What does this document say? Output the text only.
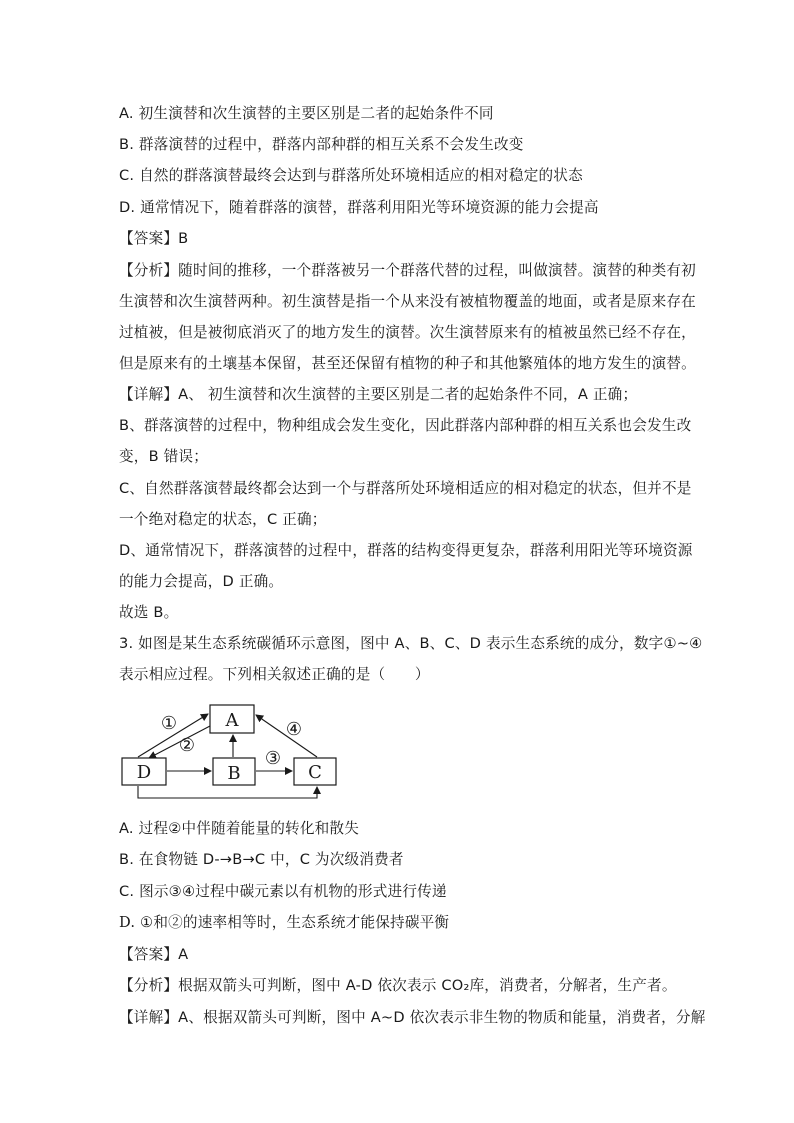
A. 初生演替和次生演替的主要区别是二者的起始条件不同
B. 群落演替的过程中，群落内部种群的相互关系不会发生改变
C. 自然的群落演替最终会达到与群落所处环境相适应的相对稳定的状态
D. 通常情况下，随着群落的演替，群落利用阳光等环境资源的能力会提高
【答案】B
【分析】随时间的推移，一个群落被另一个群落代替的过程，叫做演替。演替的种类有初
生演替和次生演替两种。初生演替是指一个从来没有被植物覆盖的地面，或者是原来存在
过植被，但是被彻底消灭了的地方发生的演替。次生演替原来有的植被虽然已经不存在，
但是原来有的土壤基本保留，甚至还保留有植物的种子和其他繁殖体的地方发生的演替。
【详解】A、 初生演替和次生演替的主要区别是二者的起始条件不同，A 正确；
B、群落演替的过程中，物种组成会发生变化，因此群落内部种群的相互关系也会发生改
变，B 错误；
C、自然群落演替最终都会达到一个与群落所处环境相适应的相对稳定的状态，但并不是
一个绝对稳定的状态，C 正确；
D、通常情况下，群落演替的过程中，群落的结构变得更复杂，群落利用阳光等环境资源
的能力会提高，D 正确。
故选 B。
3. 如图是某生态系统碳循环示意图，图中 A、B、C、D 表示生态系统的成分，数字①~④
表示相应过程。下列相关叙述正确的是（　　）
A
D	B	C
①
②
③
④
A. 过程②中伴随着能量的转化和散失
B. 在食物链 D-→B→C 中，C 为次级消费者
C. 图示③④过程中碳元素以有机物的形式进行传递
D. ①和②的速率相等时，生态系统才能保持碳平衡
【答案】A
【分析】根据双箭头可判断，图中 A-D 依次表示 CO₂库，消费者，分解者，生产者。
【详解】A、根据双箭头可判断，图中 A~D 依次表示非生物的物质和能量，消费者，分解
